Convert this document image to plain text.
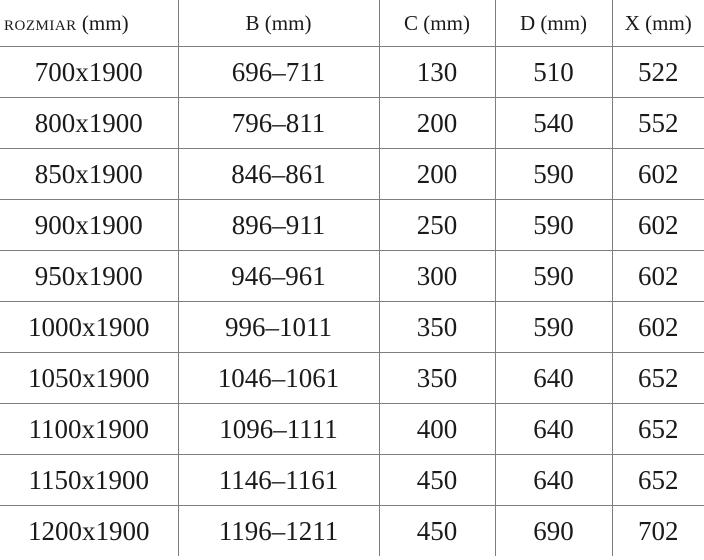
ROZMIAR (mm)	B (mm)	C (mm)	D (mm)	X (mm)
700x1900	696–711	130	510	522
800x1900	796–811	200	540	552
850x1900	846–861	200	590	602
900x1900	896–911	250	590	602
950x1900	946–961	300	590	602
1000x1900	996–1011	350	590	602
1050x1900	1046–1061	350	640	652
1100x1900	1096–1111	400	640	652
1150x1900	1146–1161	450	640	652
1200x1900	1196–1211	450	690	702
